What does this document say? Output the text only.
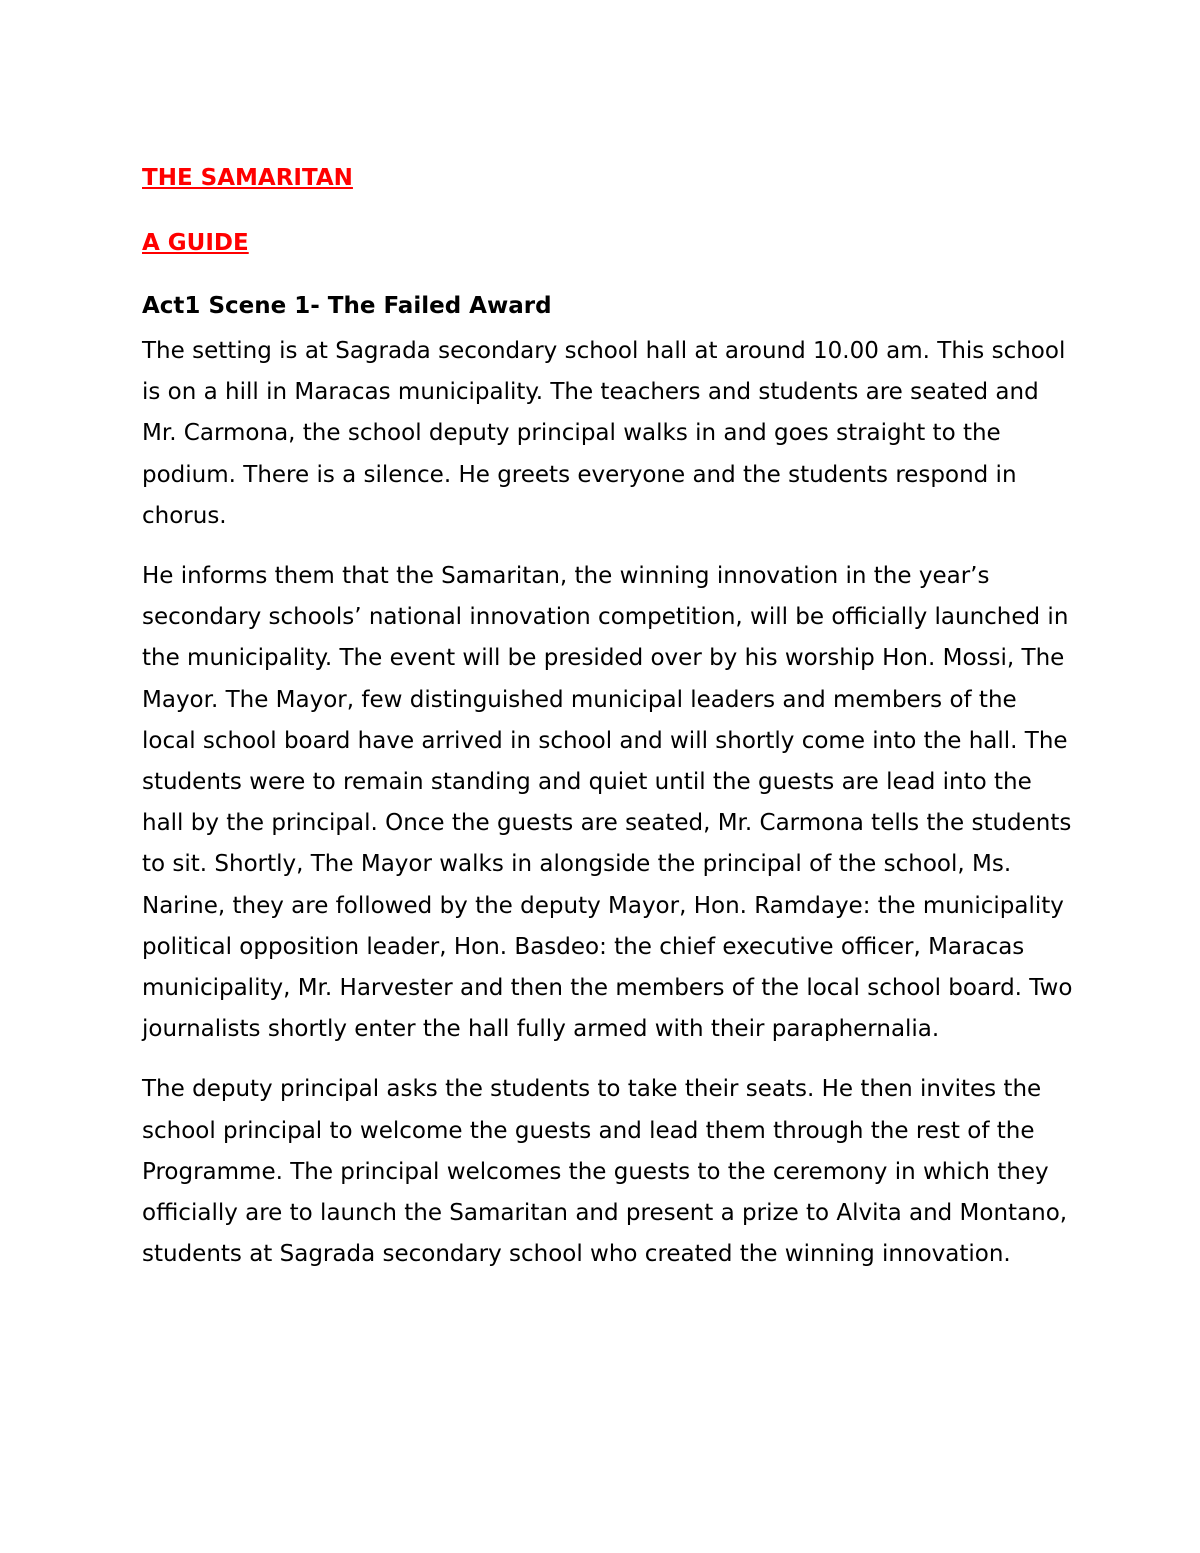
THE SAMARITAN
A GUIDE
Act1 Scene 1- The Failed Award

The setting is at Sagrada secondary school hall at around 10.00 am. This school is on a hill in Maracas municipality. The teachers and students are seated and Mr. Carmona, the school deputy principal walks in and goes straight to the podium. There is a silence. He greets everyone and the students respond in chorus.

He informs them that the Samaritan, the winning innovation in the year’s secondary schools’ national innovation competition, will be officially launched in the municipality. The event will be presided over by his worship Hon. Mossi, The Mayor. The Mayor, few distinguished municipal leaders and members of the local school board have arrived in school and will shortly come into the hall. The students were to remain standing and quiet until the guests are lead into the hall by the principal. Once the guests are seated, Mr. Carmona tells the students to sit. Shortly, The Mayor walks in alongside the principal of the school, Ms. Narine, they are followed by the deputy Mayor, Hon. Ramdaye: the municipality political opposition leader, Hon. Basdeo: the chief executive officer, Maracas municipality, Mr. Harvester and then the members of the local school board. Two journalists shortly enter the hall fully armed with their paraphernalia.

The deputy principal asks the students to take their seats. He then invites the school principal to welcome the guests and lead them through the rest of the Programme. The principal welcomes the guests to the ceremony in which they officially are to launch the Samaritan and present a prize to Alvita and Montano, students at Sagrada secondary school who created the winning innovation.
